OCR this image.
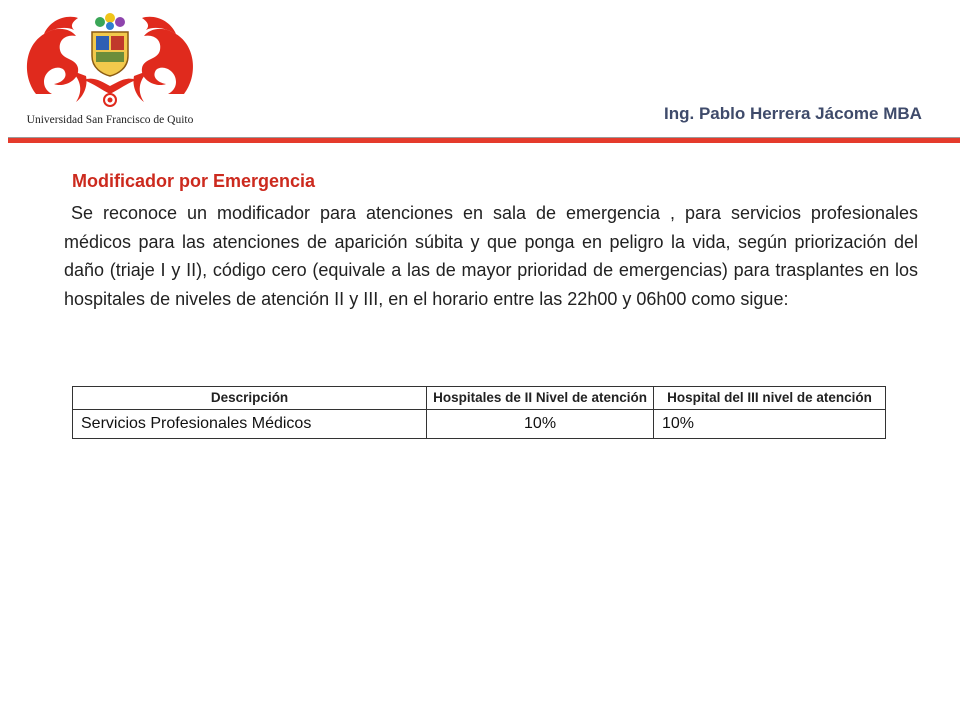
Universidad San Francisco de Quito	Ing. Pablo Herrera Jácome MBA
Modificador por Emergencia
Se reconoce un modificador para atenciones en sala de emergencia , para servicios profesionales médicos para las atenciones de aparición súbita y que ponga en peligro la vida, según priorización del daño (triaje I y II), código cero (equivale a las de mayor prioridad de emergencias) para trasplantes en los hospitales de niveles de atención II y III, en el horario entre las 22h00 y 06h00 como sigue:
Descripción	Hospitales de II Nivel de atención	Hospital del III nivel de atención
Servicios Profesionales Médicos	10%	10%
